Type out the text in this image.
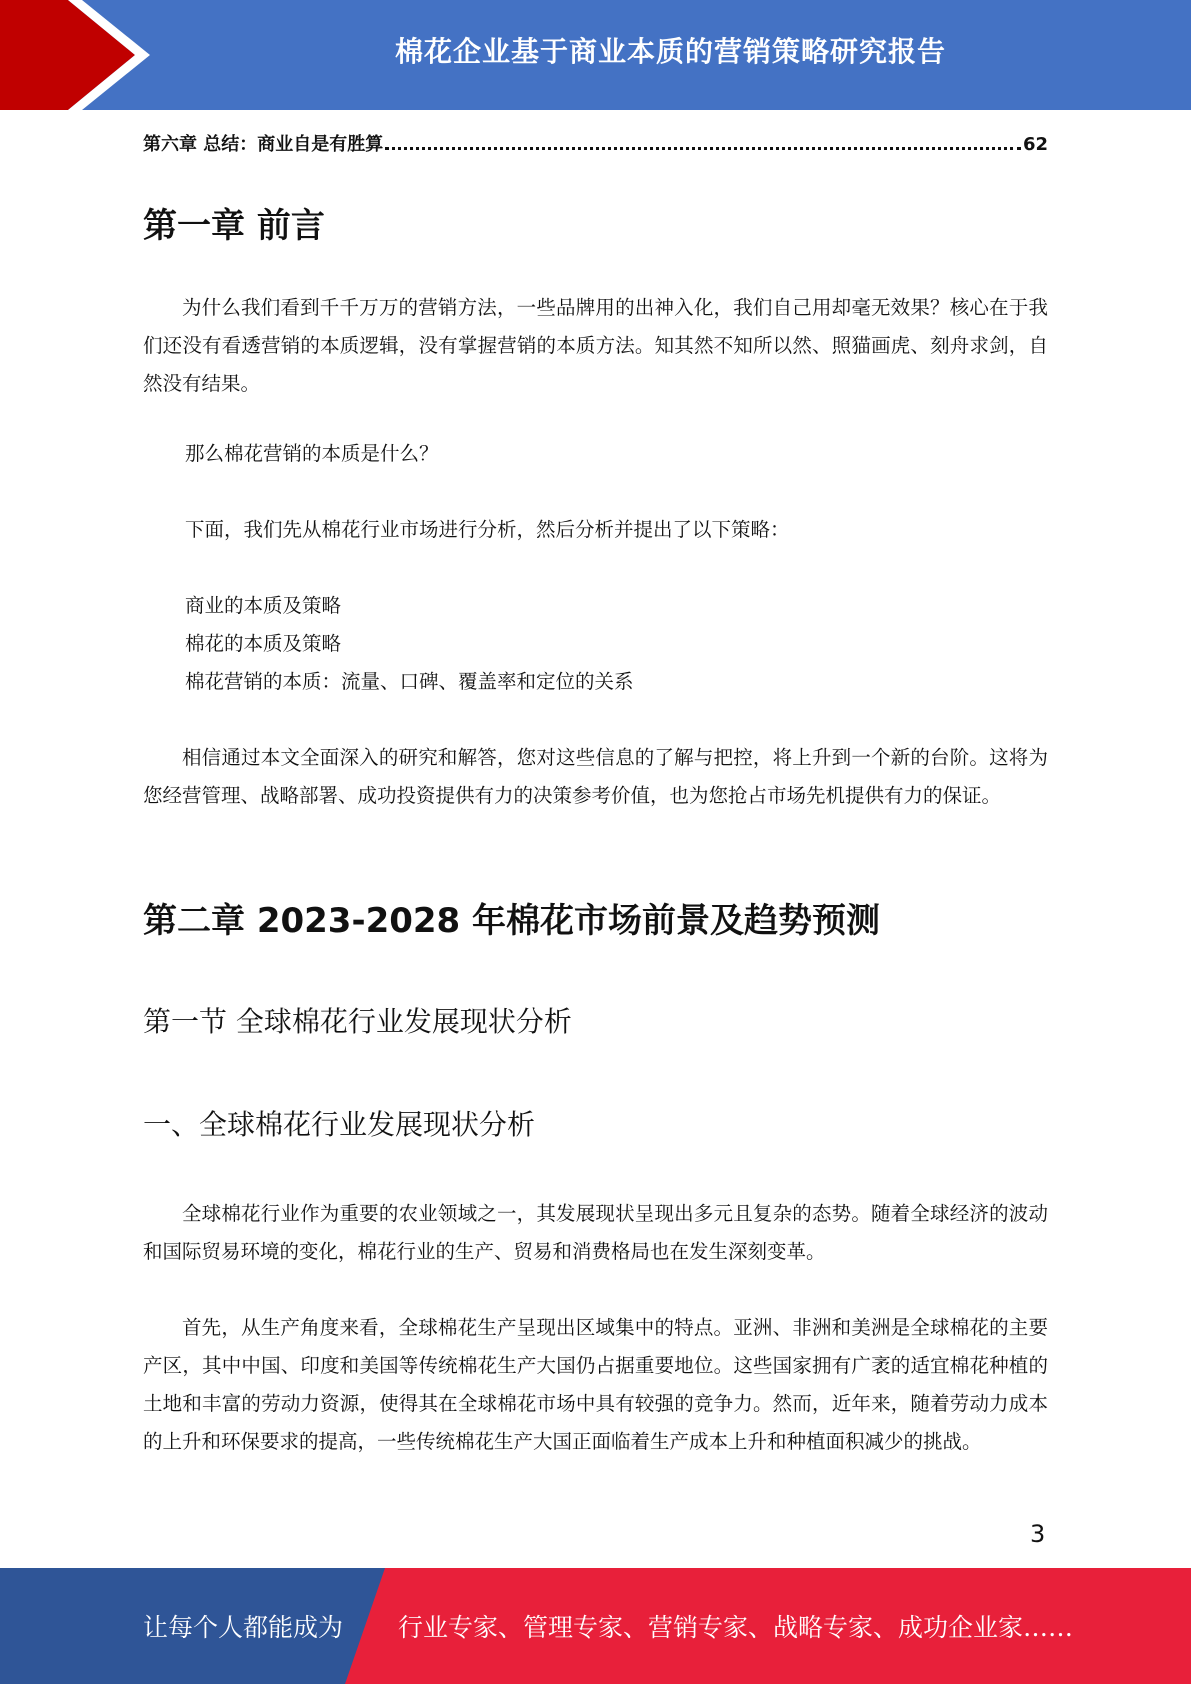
棉花企业基于商业本质的营销策略研究报告
第六章 总结：商业自是有胜算	62
第一章 前言

为什么我们看到千千万万的营销方法，一些品牌用的出神入化，我们自己用却毫无效果？核心在于我们还没有看透营销的本质逻辑，没有掌握营销的本质方法。知其然不知所以然、照猫画虎、刻舟求剑，自然没有结果。

那么棉花营销的本质是什么？

下面，我们先从棉花行业市场进行分析，然后分析并提出了以下策略：

商业的本质及策略

棉花的本质及策略

棉花营销的本质：流量、口碑、覆盖率和定位的关系

相信通过本文全面深入的研究和解答，您对这些信息的了解与把控，将上升到一个新的台阶。这将为您经营管理、战略部署、成功投资提供有力的决策参考价值，也为您抢占市场先机提供有力的保证。

第二章 2023-2028 年棉花市场前景及趋势预测
第一节 全球棉花行业发展现状分析
一、全球棉花行业发展现状分析

全球棉花行业作为重要的农业领域之一，其发展现状呈现出多元且复杂的态势。随着全球经济的波动和国际贸易环境的变化，棉花行业的生产、贸易和消费格局也在发生深刻变革。

首先，从生产角度来看，全球棉花生产呈现出区域集中的特点。亚洲、非洲和美洲是全球棉花的主要产区，其中中国、印度和美国等传统棉花生产大国仍占据重要地位。这些国家拥有广袤的适宜棉花种植的土地和丰富的劳动力资源，使得其在全球棉花市场中具有较强的竞争力。然而，近年来，随着劳动力成本的上升和环保要求的提高，一些传统棉花生产大国正面临着生产成本上升和种植面积减少的挑战。

3
让每个人都能成为 行业专家、管理专家、营销专家、战略专家、成功企业家……
